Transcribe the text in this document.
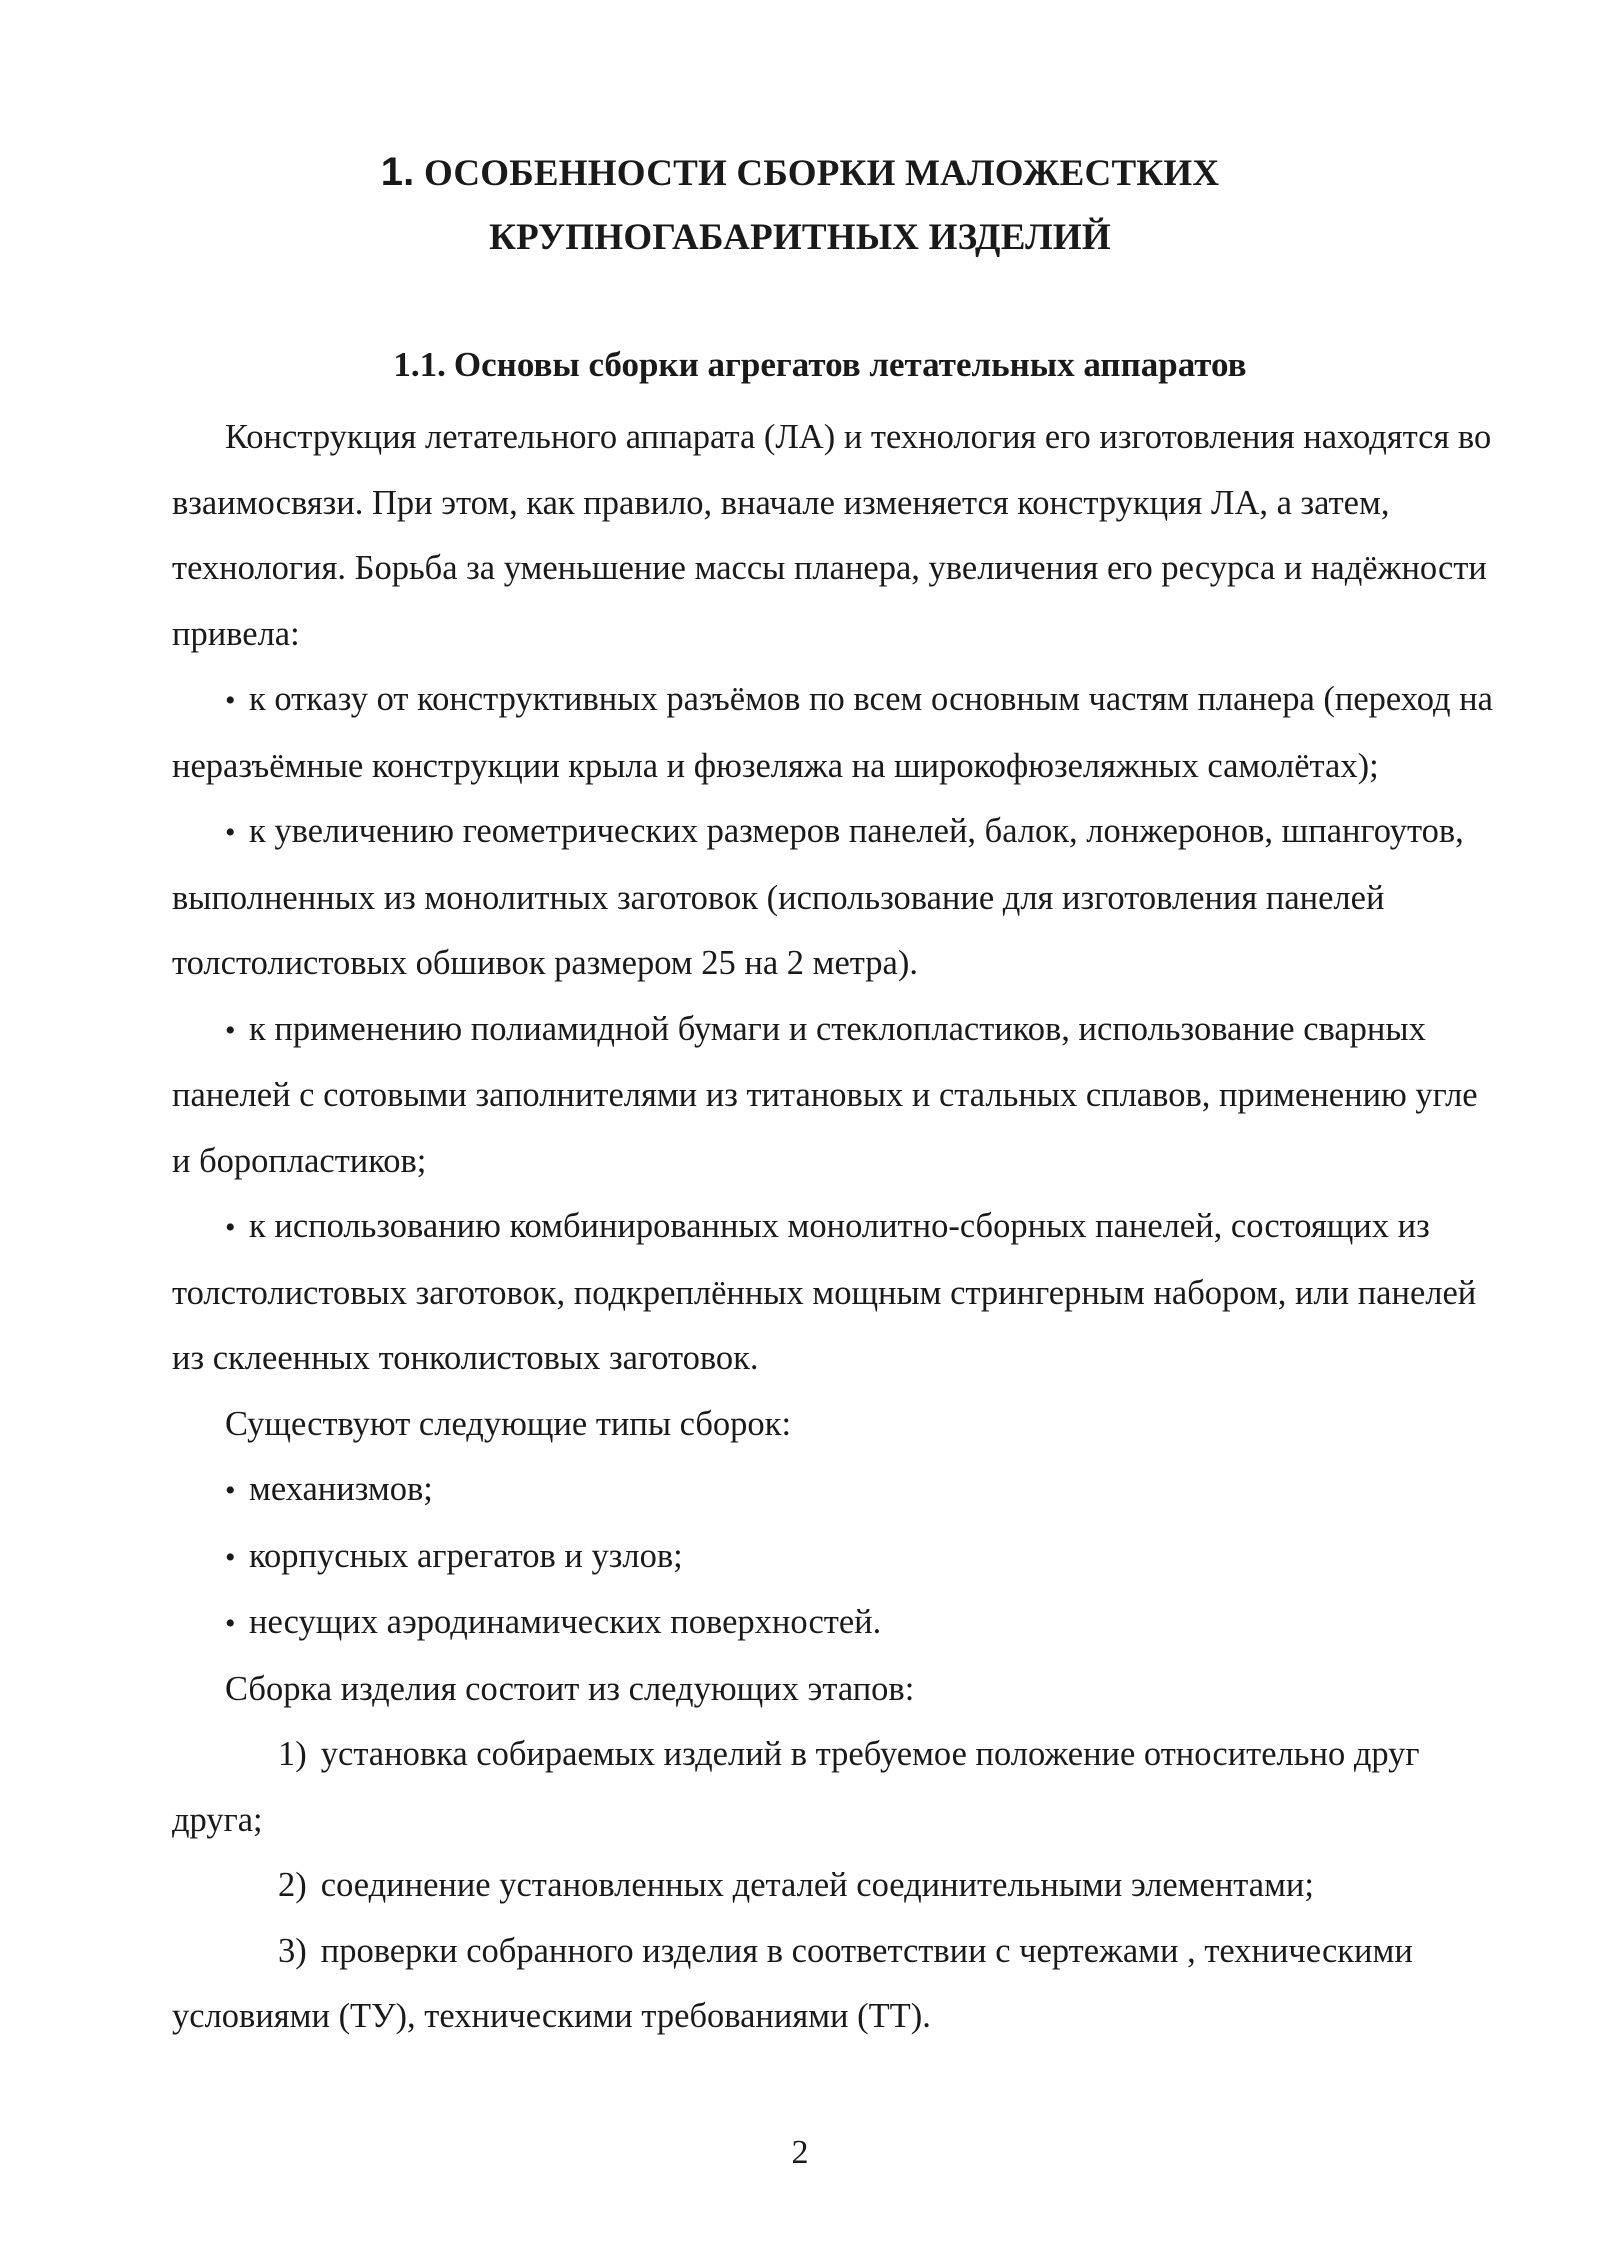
1. ОСОБЕННОСТИ СБОРКИ МАЛОЖЕСТКИХ
КРУПНОГАБАРИТНЫХ ИЗДЕЛИЙ
1.1. Основы сборки агрегатов летательных аппаратов

Конструкция летательного аппарата (ЛА) и технология его изготовления находятся во взаимосвязи. При этом, как правило, вначале изменяется конструкция ЛА, а затем, технология. Борьба за уменьшение массы планера, увеличения его ресурса и надёжности привела:

• к отказу от конструктивных разъёмов по всем основным частям планера (переход на неразъёмные конструкции крыла и фюзеляжа на широкофюзеляжных самолётах);

• к увеличению геометрических размеров панелей, балок, лонжеронов, шпангоутов, выполненных из монолитных заготовок (использование для изготовления панелей толстолистовых обшивок размером 25 на 2 метра).

• к применению полиамидной бумаги и стеклопластиков, использование сварных панелей с сотовыми заполнителями из титановых и стальных сплавов, применению угле и боропластиков;

• к использованию комбинированных монолитно-сборных панелей, состоящих из толстолистовых заготовок, подкреплённых мощным стрингерным набором, или панелей из склеенных тонколистовых заготовок.

Существуют следующие типы сборок:

• механизмов;

• корпусных агрегатов и узлов;

• несущих аэродинамических поверхностей.

Сборка изделия состоит из следующих этапов:

1) установка собираемых изделий в требуемое положение относительно друг друга;

2) соединение установленных деталей соединительными элементами;

3) проверки собранного изделия в соответствии с чертежами , техническими условиями (ТУ), техническими требованиями (ТТ).

2
